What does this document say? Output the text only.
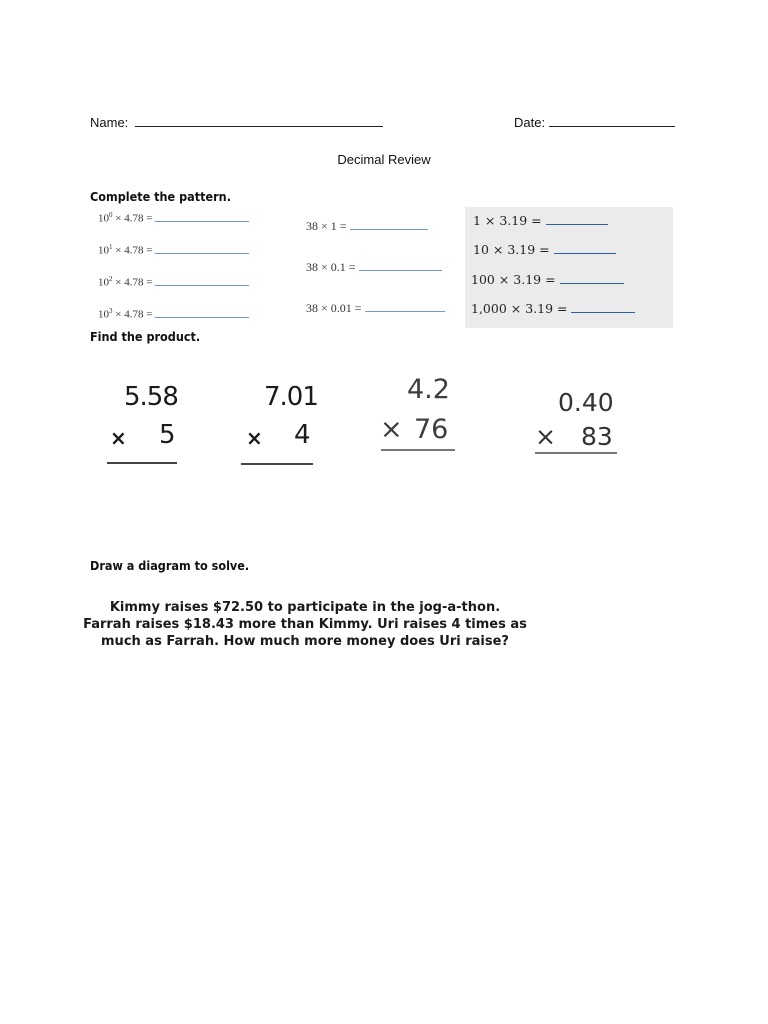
Name:	Date:
Decimal Review
Complete the pattern.
$10^0 \times 4.78$ =
$10^1 \times 4.78$ =
$10^2 \times 4.78$ =
$10^3 \times 4.78$ =
38 × 1 =
38 × 0.1 =
38 × 0.01 =
1 × 3.19 =
10 × 3.19 =
100 × 3.19 =
1,000 × 3.19 =
Find the product.
5.58
× 5
7.01
× 4
4.2
× 76
0.40
× 83
Draw a diagram to solve.
Kimmy raises $72.50 to participate in the jog-a-thon.
Farrah raises $18.43 more than Kimmy. Uri raises 4 times as
much as Farrah. How much more money does Uri raise?
